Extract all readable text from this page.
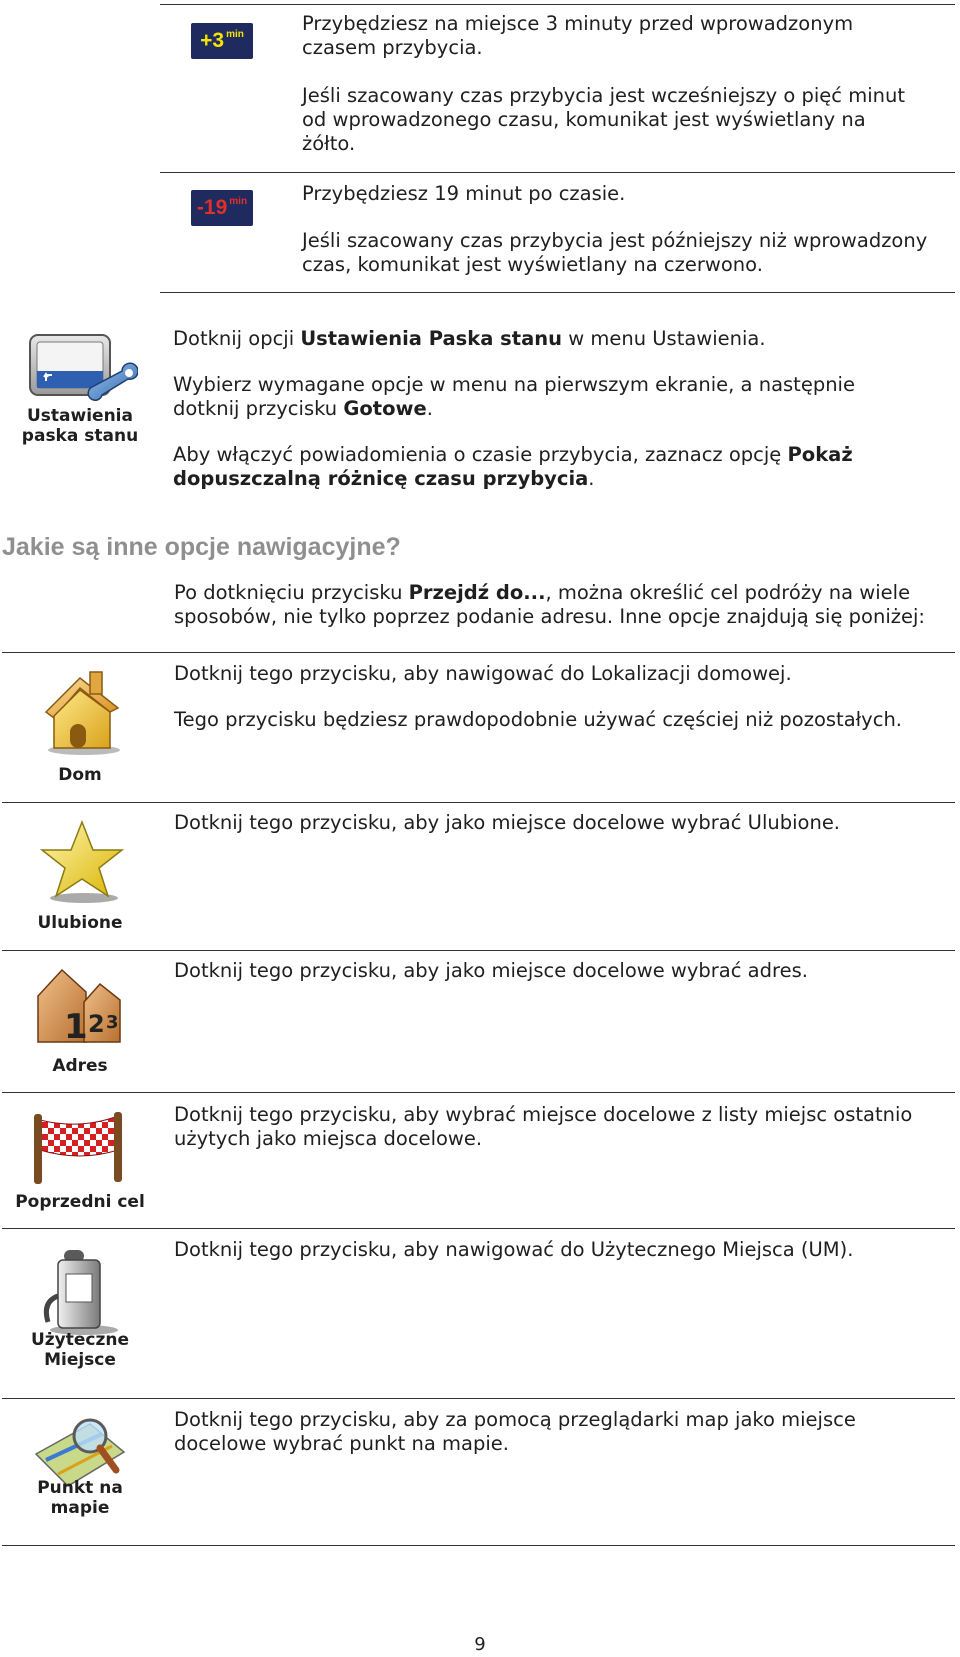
+3 min	Przybędziesz na miejsce 3 minuty przed wprowadzonym czasem przybycia.
Jeśli szacowany czas przybycia jest wcześniejszy o pięć minut od wprowadzonego czasu, komunikat jest wyświetlany na żółto.
-19 min	Przybędziesz 19 minut po czasie.
Jeśli szacowany czas przybycia jest późniejszy niż wprowadzony czas, komunikat jest wyświetlany na czerwono.
Ustawienia paska stanu
Dotknij opcji Ustawienia Paska stanu w menu Ustawienia.
Wybierz wymagane opcje w menu na pierwszym ekranie, a następnie dotknij przycisku Gotowe.
Aby włączyć powiadomienia o czasie przybycia, zaznacz opcję Pokaż dopuszczalną różnicę czasu przybycia.
Jakie są inne opcje nawigacyjne?
Po dotknięciu przycisku Przejdź do..., można określić cel podróży na wiele sposobów, nie tylko poprzez podanie adresu. Inne opcje znajdują się poniżej:
Dom
Dotknij tego przycisku, aby nawigować do Lokalizacji domowej.
Tego przycisku będziesz prawdopodobnie używać częściej niż pozostałych.
Ulubione
Dotknij tego przycisku, aby jako miejsce docelowe wybrać Ulubione.
1 2 3
Adres
Dotknij tego przycisku, aby jako miejsce docelowe wybrać adres.
Poprzedni cel
Dotknij tego przycisku, aby wybrać miejsce docelowe z listy miejsc ostatnio użytych jako miejsca docelowe.
Użyteczne Miejsce
Dotknij tego przycisku, aby nawigować do Użytecznego Miejsca (UM).
Punkt na mapie
Dotknij tego przycisku, aby za pomocą przeglądarki map jako miejsce docelowe wybrać punkt na mapie.
9
